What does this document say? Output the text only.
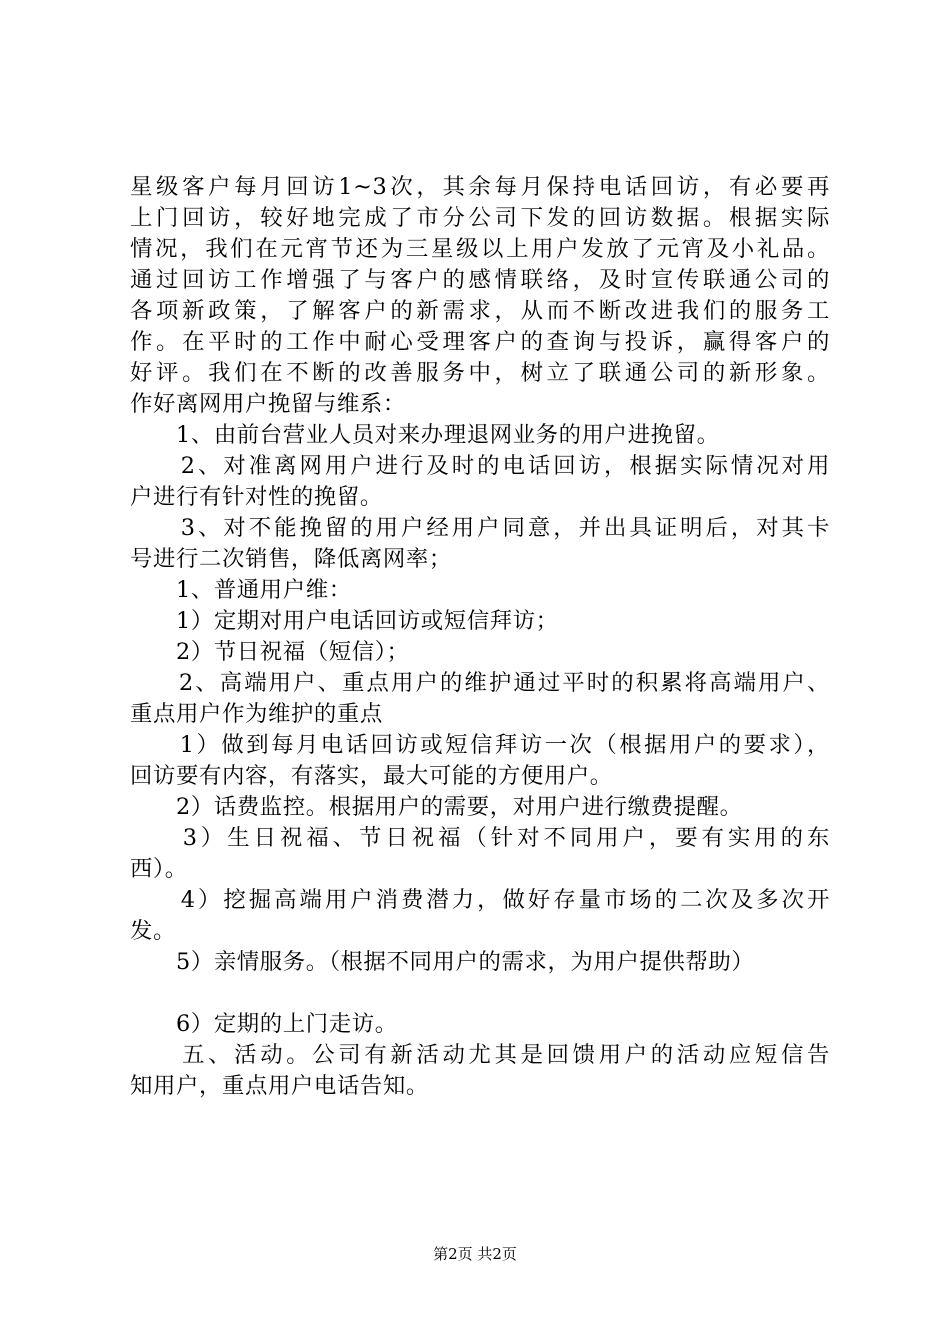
星级客户每月回访1~3次，其余每月保持电话回访，有必要再
上门回访，较好地完成了市分公司下发的回访数据。根据实际
情况，我们在元宵节还为三星级以上用户发放了元宵及小礼品。
通过回访工作增强了与客户的感情联络，及时宣传联通公司的
各项新政策，了解客户的新需求，从而不断改进我们的服务工
作。在平时的工作中耐心受理客户的查询与投诉，赢得客户的
好评。我们在不断的改善服务中，树立了联通公司的新形象。
作好离网用户挽留与维系：
　　1、由前台营业人员对来办理退网业务的用户进挽留。
　　2、对准离网用户进行及时的电话回访，根据实际情况对用
户进行有针对性的挽留。
　　3、对不能挽留的用户经用户同意，并出具证明后，对其卡
号进行二次销售，降低离网率；
　　1、普通用户维：
　　1）定期对用户电话回访或短信拜访；
　　2）节日祝福（短信）；
　　2、高端用户、重点用户的维护通过平时的积累将高端用户、
重点用户作为维护的重点
　　1）做到每月电话回访或短信拜访一次（根据用户的要求），
回访要有内容，有落实，最大可能的方便用户。
　　2）话费监控。根据用户的需要，对用户进行缴费提醒。
　　3）生日祝福、节日祝福（针对不同用户，要有实用的东
西）。
　　4）挖掘高端用户消费潜力，做好存量市场的二次及多次开
发。
　　5）亲情服务。（根据不同用户的需求，为用户提供帮助）
　　6）定期的上门走访。
　　五、活动。公司有新活动尤其是回馈用户的活动应短信告
知用户，重点用户电话告知。
第2页 共2页
